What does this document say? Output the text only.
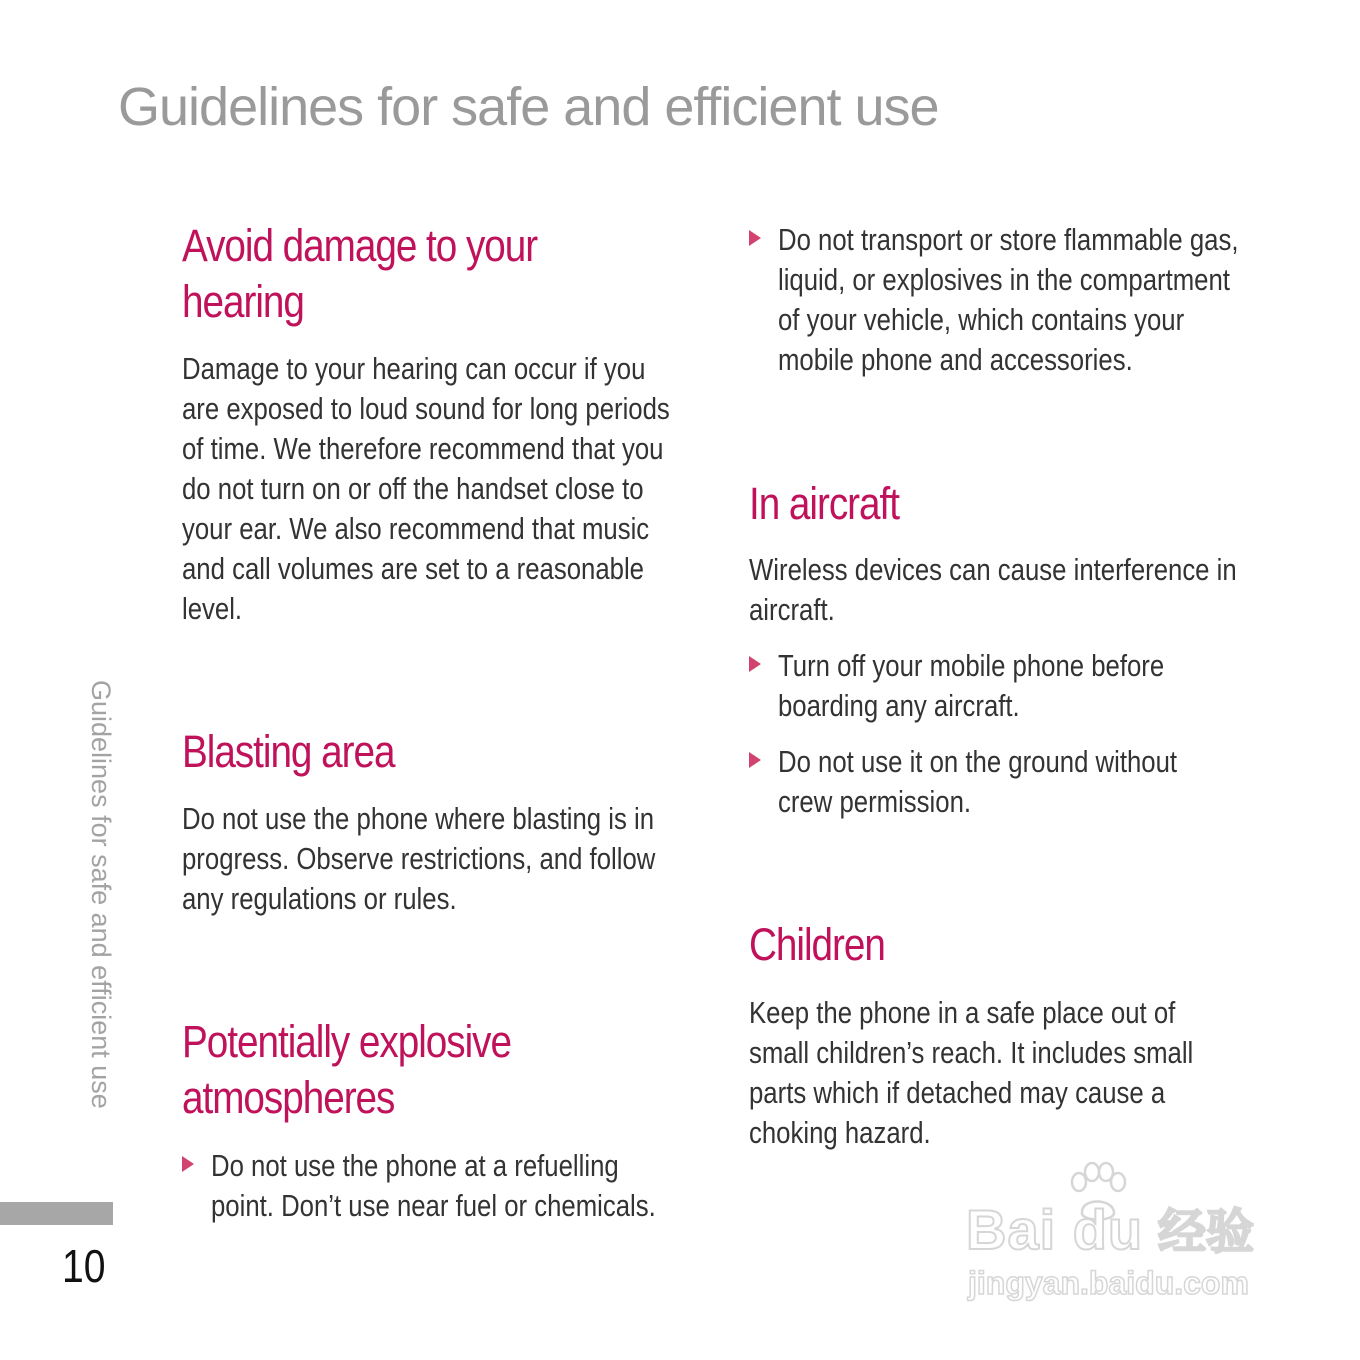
Guidelines for safe and efficient use
Avoid damage to your
hearing

Damage to your hearing can occur if you
are exposed to loud sound for long periods
of time. We therefore recommend that you
do not turn on or off the handset close to
your ear. We also recommend that music
and call volumes are set to a reasonable
level.

Blasting area

Do not use the phone where blasting is in
progress. Observe restrictions, and follow
any regulations or rules.

Potentially explosive
atmospheres

Do not use the phone at a refuelling
point. Don’t use near fuel or chemicals.

Do not transport or store flammable gas,
liquid, or explosives in the compartment
of your vehicle, which contains your
mobile phone and accessories.

In aircraft

Wireless devices can cause interference in
aircraft.

Turn off your mobile phone before
boarding any aircraft.

Do not use it on the ground without
crew permission.

Children

Keep the phone in a safe place out of
small children’s reach. It includes small
parts which if detached may cause a
choking hazard.

Guidelines for safe and efficient use
10
Bai du 经验
jingyan.baidu.com
